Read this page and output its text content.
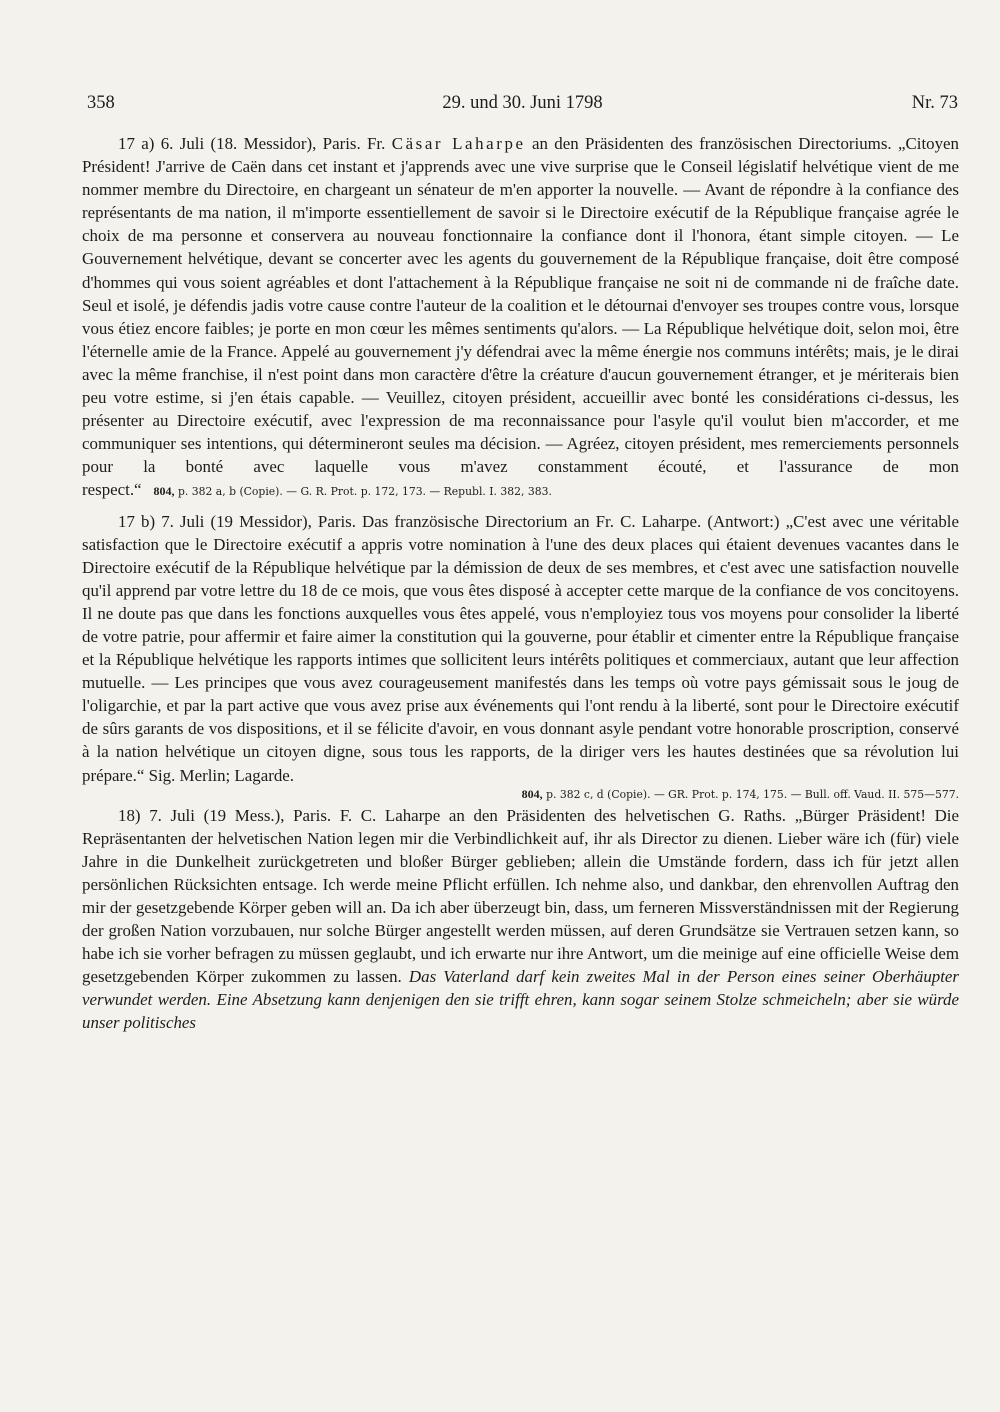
358	29. und 30. Juni 1798	Nr. 73

17 a) 6. Juli (18. Messidor), Paris. Fr. Cäsar Laharpe an den Präsidenten des französischen Directoriums. „Citoyen Président! J'arrive de Caën dans cet instant et j'apprends avec une vive surprise que le Conseil législatif helvétique vient de me nommer membre du Directoire, en chargeant un sénateur de m'en apporter la nouvelle. — Avant de répondre à la confiance des représentants de ma nation, il m'importe essentiellement de savoir si le Directoire exécutif de la République française agrée le choix de ma personne et conservera au nouveau fonctionnaire la confiance dont il l'honora, étant simple citoyen. — Le Gouvernement helvétique, devant se concerter avec les agents du gouvernement de la République française, doit être composé d'hommes qui vous soient agréables et dont l'attachement à la République française ne soit ni de commande ni de fraîche date. Seul et isolé, je défendis jadis votre cause contre l'auteur de la coalition et le détournai d'envoyer ses troupes contre vous, lorsque vous étiez encore faibles; je porte en mon cœur les mêmes sentiments qu'alors. — La République helvétique doit, selon moi, être l'éternelle amie de la France. Appelé au gouvernement j'y défendrai avec la même énergie nos communs intérêts; mais, je le dirai avec la même franchise, il n'est point dans mon caractère d'être la créature d'aucun gouvernement étranger, et je mériterais bien peu votre estime, si j'en étais capable. — Veuillez, citoyen président, accueillir avec bonté les considérations ci-dessus, les présenter au Directoire exécutif, avec l'expression de ma reconnaissance pour l'asyle qu'il voulut bien m'accorder, et me communiquer ses intentions, qui détermineront seules ma décision. — Agréez, citoyen président, mes remerciements personnels pour la bonté avec laquelle vous m'avez constamment écouté, et l'assurance de mon respect.“ 804, p. 382 a, b (Copie). — G. R. Prot. p. 172, 173. — Republ. I. 382, 383.

17 b) 7. Juli (19 Messidor), Paris. Das französische Directorium an Fr. C. Laharpe. (Antwort:) „C'est avec une véritable satisfaction que le Directoire exécutif a appris votre nomination à l'une des deux places qui étaient devenues vacantes dans le Directoire exécutif de la République helvétique par la démission de deux de ses membres, et c'est avec une satisfaction nouvelle qu'il apprend par votre lettre du 18 de ce mois, que vous êtes disposé à accepter cette marque de la confiance de vos concitoyens. Il ne doute pas que dans les fonctions auxquelles vous êtes appelé, vous n'employiez tous vos moyens pour consolider la liberté de votre patrie, pour affermir et faire aimer la constitution qui la gouverne, pour établir et cimenter entre la République française et la République helvétique les rapports intimes que sollicitent leurs intérêts politiques et commerciaux, autant que leur affection mutuelle. — Les principes que vous avez courageusement manifestés dans les temps où votre pays gémissait sous le joug de l'oligarchie, et par la part active que vous avez prise aux événements qui l'ont rendu à la liberté, sont pour le Directoire exécutif de sûrs garants de vos dispositions, et il se félicite d'avoir, en vous donnant asyle pendant votre honorable proscription, conservé à la nation helvétique un citoyen digne, sous tous les rapports, de la diriger vers les hautes destinées que sa révolution lui prépare.“ Sig. Merlin; Lagarde.

804, p. 382 c, d (Copie). — GR. Prot. p. 174, 175. — Bull. off. Vaud. II. 575—577.

18) 7. Juli (19 Mess.), Paris. F. C. Laharpe an den Präsidenten des helvetischen G. Raths. „Bürger Präsident! Die Repräsentanten der helvetischen Nation legen mir die Verbindlichkeit auf, ihr als Director zu dienen. Lieber wäre ich (für) viele Jahre in die Dunkelheit zurückgetreten und bloßer Bürger geblieben; allein die Umstände fordern, dass ich für jetzt allen persönlichen Rücksichten entsage. Ich werde meine Pflicht erfüllen. Ich nehme also, und dankbar, den ehrenvollen Auftrag den mir der gesetzgebende Körper geben will an. Da ich aber überzeugt bin, dass, um ferneren Missverständnissen mit der Regierung der großen Nation vorzubauen, nur solche Bürger angestellt werden müssen, auf deren Grundsätze sie Vertrauen setzen kann, so habe ich sie vorher befragen zu müssen geglaubt, und ich erwarte nur ihre Antwort, um die meinige auf eine officielle Weise dem gesetzgebenden Körper zukommen zu lassen. Das Vaterland darf kein zweites Mal in der Person eines seiner Oberhäupter verwundet werden. Eine Absetzung kann denjenigen den sie trifft ehren, kann sogar seinem Stolze schmeicheln; aber sie würde unser politisches
